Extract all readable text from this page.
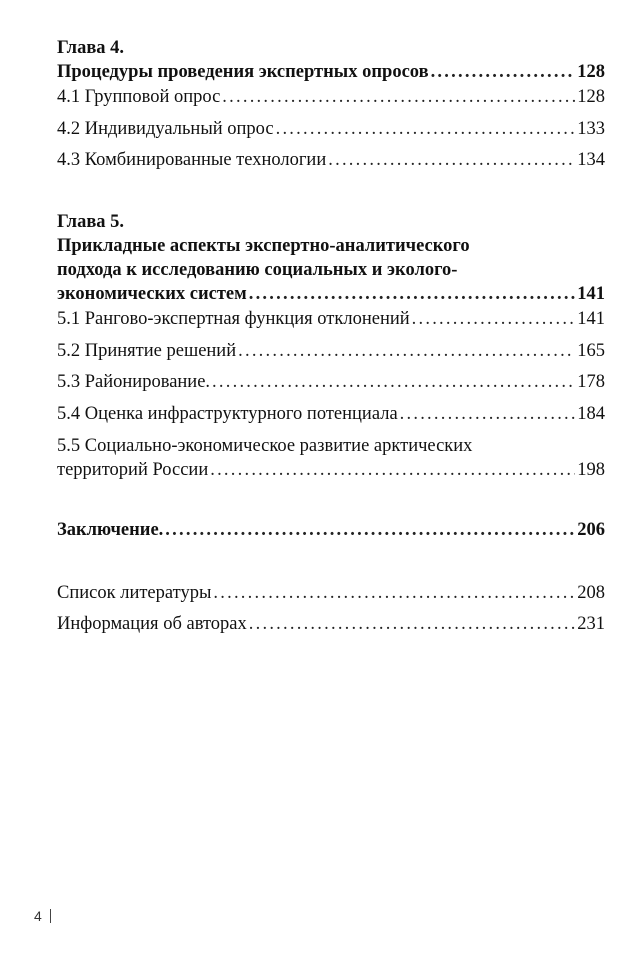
Глава 4.
Процедуры проведения экспертных опросов . . .	128
4.1 Групповой опрос . . .	128
4.2 Индивидуальный опрос . . .	133
4.3 Комбинированные технологии . . .	134
Глава 5.
Прикладные аспекты экспертно-аналитического
подхода к исследованию социальных и эколого-
экономических систем . . .	141
5.1 Рангово-экспертная функция отклонений . . .	141
5.2 Принятие решений . . .	165
5.3 Районирование. . . .	178
5.4 Оценка инфраструктурного потенциала . . .	184
5.5 Социально-экономическое развитие арктических
территорий России . . .	198
Заключение. . . .	206
Список литературы . . .	208
Информация об авторах . . .	231
4
